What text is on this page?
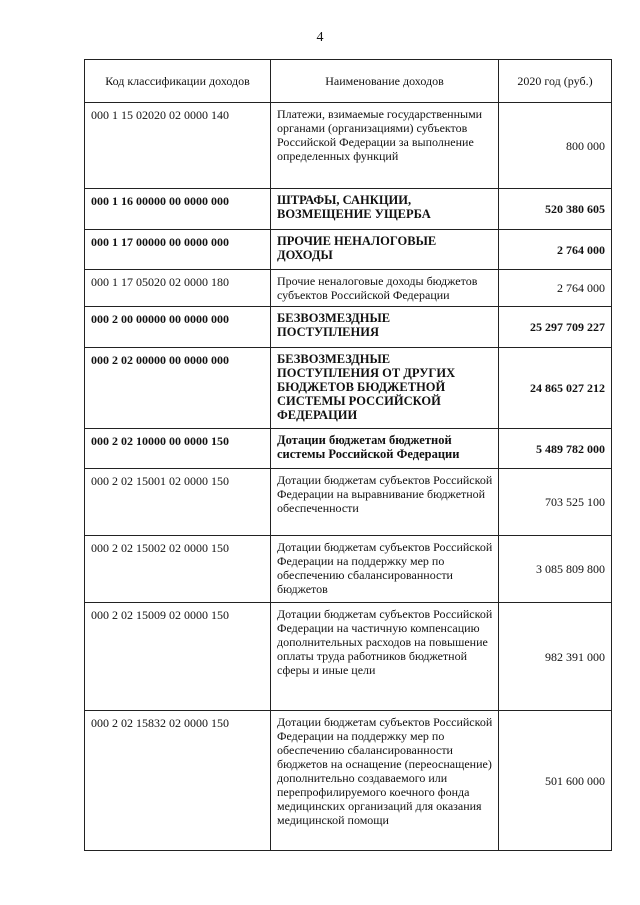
4
Код классификации доходов	Наименование доходов	2020 год (руб.)
000 1 15 02020 02 0000 140	Платежи, взимаемые государственными органами (организациями) субъектов Российской Федерации за выполнение определенных функций	800 000
000 1 16 00000 00 0000 000	ШТРАФЫ, САНКЦИИ, ВОЗМЕЩЕНИЕ УЩЕРБА	520 380 605
000 1 17 00000 00 0000 000	ПРОЧИЕ НЕНАЛОГОВЫЕ ДОХОДЫ	2 764 000
000 1 17 05020 02 0000 180	Прочие неналоговые доходы бюджетов субъектов Российской Федерации	2 764 000
000 2 00 00000 00 0000 000	БЕЗВОЗМЕЗДНЫЕ ПОСТУПЛЕНИЯ	25 297 709 227
000 2 02 00000 00 0000 000	БЕЗВОЗМЕЗДНЫЕ ПОСТУПЛЕНИЯ ОТ ДРУГИХ БЮДЖЕТОВ БЮДЖЕТНОЙ СИСТЕМЫ РОССИЙСКОЙ ФЕДЕРАЦИИ	24 865 027 212
000 2 02 10000 00 0000 150	Дотации бюджетам бюджетной системы Российской Федерации	5 489 782 000
000 2 02 15001 02 0000 150	Дотации бюджетам субъектов Российской Федерации на выравнивание бюджетной обеспеченности	703 525 100
000 2 02 15002 02 0000 150	Дотации бюджетам субъектов Российской Федерации на поддержку мер по обеспечению сбалансированности бюджетов	3 085 809 800
000 2 02 15009 02 0000 150	Дотации бюджетам субъектов Российской Федерации на частичную компенсацию дополнительных расходов на повышение оплаты труда работников бюджетной сферы и иные цели	982 391 000
000 2 02 15832 02 0000 150	Дотации бюджетам субъектов Российской Федерации на поддержку мер по обеспечению сбалансированности бюджетов на оснащение (переоснащение) дополнительно создаваемого или перепрофилируемого коечного фонда медицинских организаций для оказания медицинской помощи	501 600 000
